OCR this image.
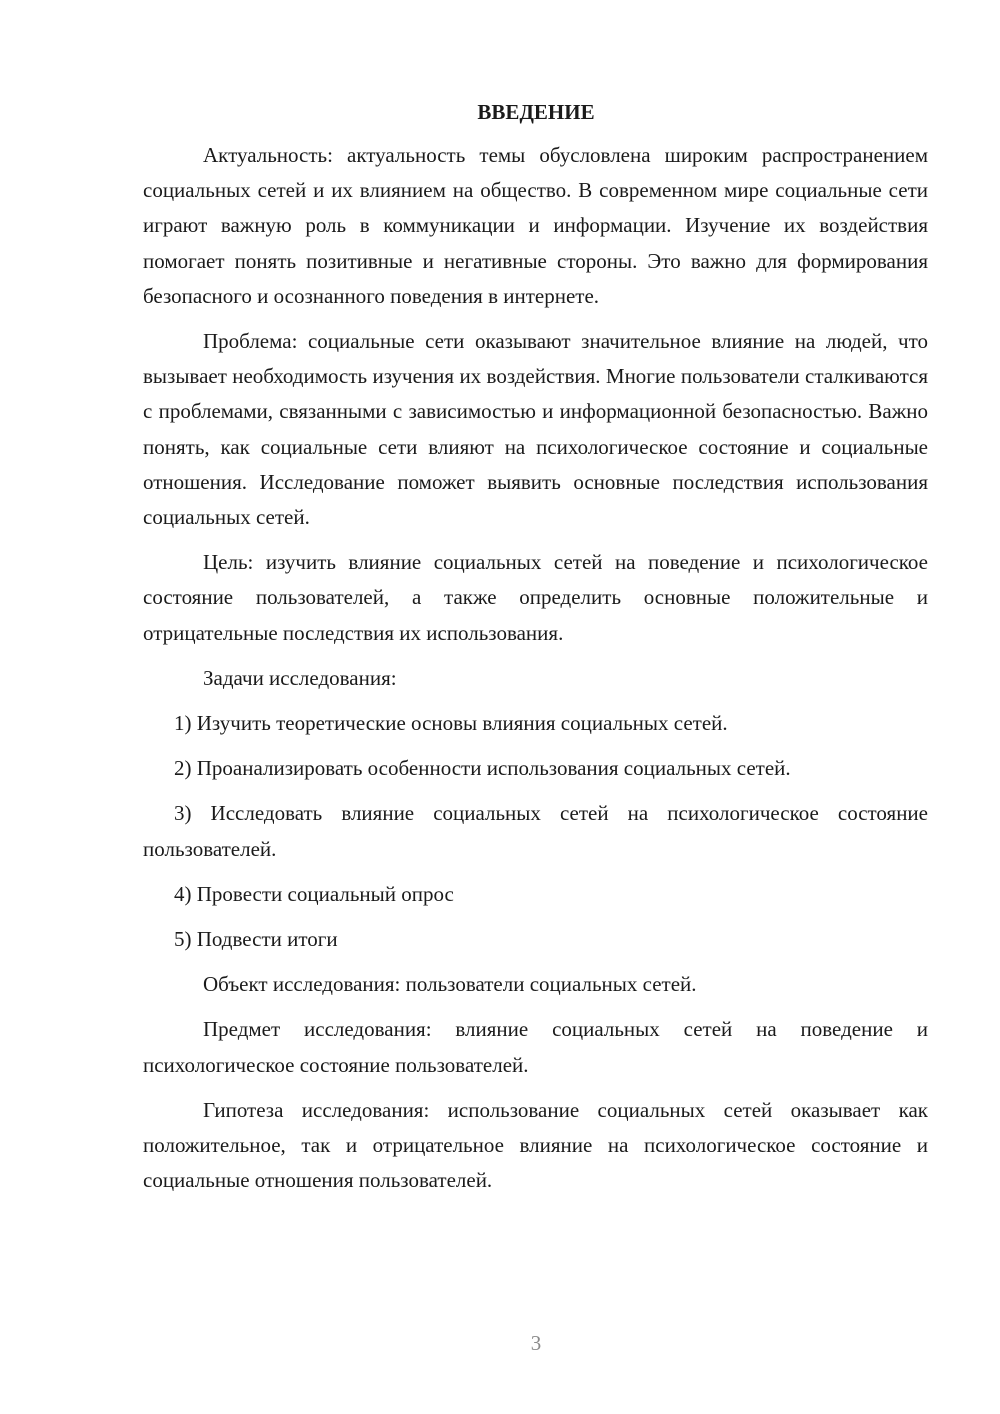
ВВЕДЕНИЕ

Актуальность: актуальность темы обусловлена широким распространением социальных сетей и их влиянием на общество. В современном мире социальные сети играют важную роль в коммуникации и информации. Изучение их воздействия помогает понять позитивные и негативные стороны. Это важно для формирования безопасного и осознанного поведения в интернете.

Проблема: социальные сети оказывают значительное влияние на людей, что вызывает необходимость изучения их воздействия. Многие пользователи сталкиваются с проблемами, связанными с зависимостью и информационной безопасностью. Важно понять, как социальные сети влияют на психологическое состояние и социальные отношения. Исследование поможет выявить основные последствия использования социальных сетей.

Цель: изучить влияние социальных сетей на поведение и психологическое состояние пользователей, а также определить основные положительные и отрицательные последствия их использования.

Задачи исследования:

1) Изучить теоретические основы влияния социальных сетей.

2) Проанализировать особенности использования социальных сетей.

3) Исследовать влияние социальных сетей на психологическое состояние пользователей.

4) Провести социальный опрос

5) Подвести итоги

Объект исследования: пользователи социальных сетей.

Предмет исследования: влияние социальных сетей на поведение и психологическое состояние пользователей.

Гипотеза исследования: использование социальных сетей оказывает как положительное, так и отрицательное влияние на психологическое состояние и социальные отношения пользователей.

3
